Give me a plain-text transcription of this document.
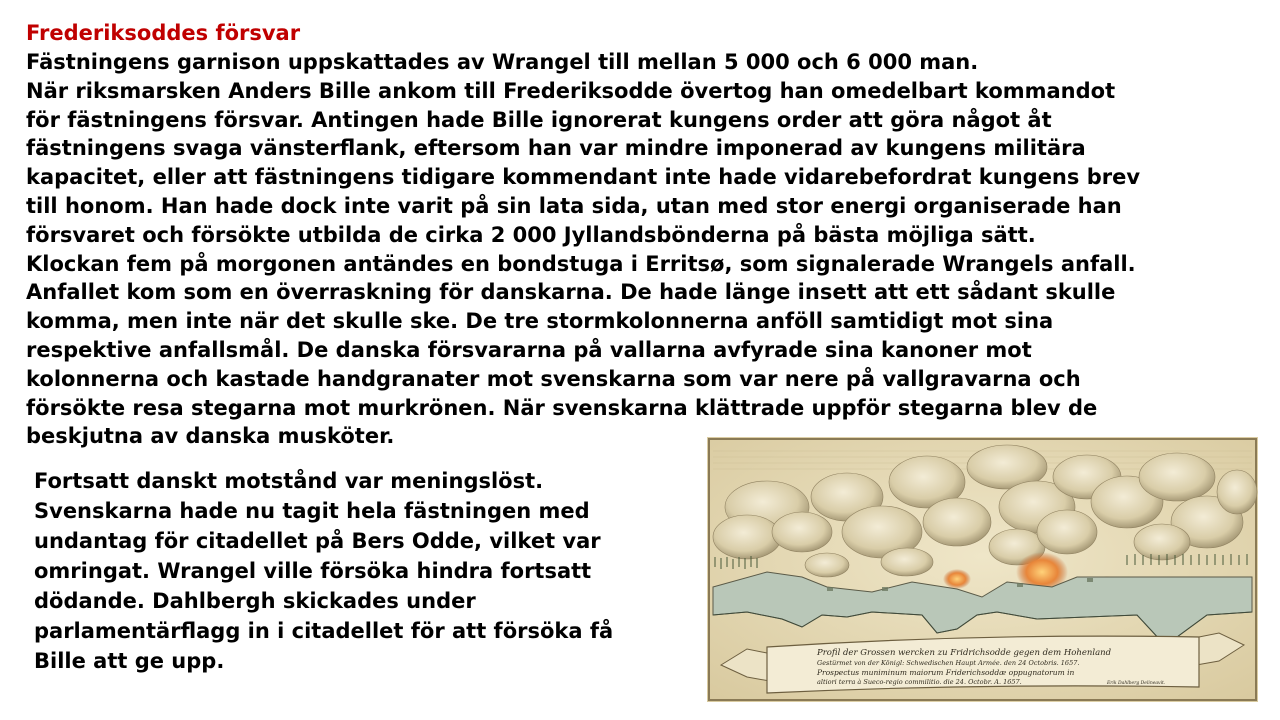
Frederiksoddes försvar
Fästningens garnison uppskattades av Wrangel till mellan 5 000 och 6 000 man.
När riksmarsken Anders Bille ankom till Frederiksodde övertog han omedelbart kommandot
för fästningens försvar. Antingen hade Bille ignorerat kungens order att göra något åt
fästningens svaga vänsterflank, eftersom han var mindre imponerad av kungens militära
kapacitet, eller att fästningens tidigare kommendant inte hade vidarebefordrat kungens brev
till honom. Han hade dock inte varit på sin lata sida, utan med stor energi organiserade han
försvaret och försökte utbilda de cirka 2 000 Jyllandsbönderna på bästa möjliga sätt.
Klockan fem på morgonen antändes en bondstuga i Erritsø, som signalerade Wrangels anfall.
Anfallet kom som en överraskning för danskarna. De hade länge insett att ett sådant skulle
komma, men inte när det skulle ske. De tre stormkolonnerna anföll samtidigt mot sina
respektive anfallsmål. De danska försvararna på vallarna avfyrade sina kanoner mot
kolonnerna och kastade handgranater mot svenskarna som var nere på vallgravarna och
försökte resa stegarna mot murkrönen. När svenskarna klättrade uppför stegarna blev de
beskjutna av danska musköter.
Fortsatt danskt motstånd var meningslöst.
Svenskarna hade nu tagit hela fästningen med
undantag för citadellet på Bers Odde, vilket var
omringat. Wrangel ville försöka hindra fortsatt
dödande. Dahlbergh skickades under
parlamentärflagg in i citadellet för att försöka få
Bille att ge upp.	Profil der Grossen wercken zu Fridrichsodde gegen dem Hohenland
Gestürmet von der Königl: Schwedischen Haupt Armée. den 24 Octobris. 1657.
Prospectus muniminum maiorum Friderichsoddæ oppugnatorum in
altiori terra à Sueco-regio commilitio. die 24. Octobr. A. 1657.	Erik Dahlberg Delineavit.
